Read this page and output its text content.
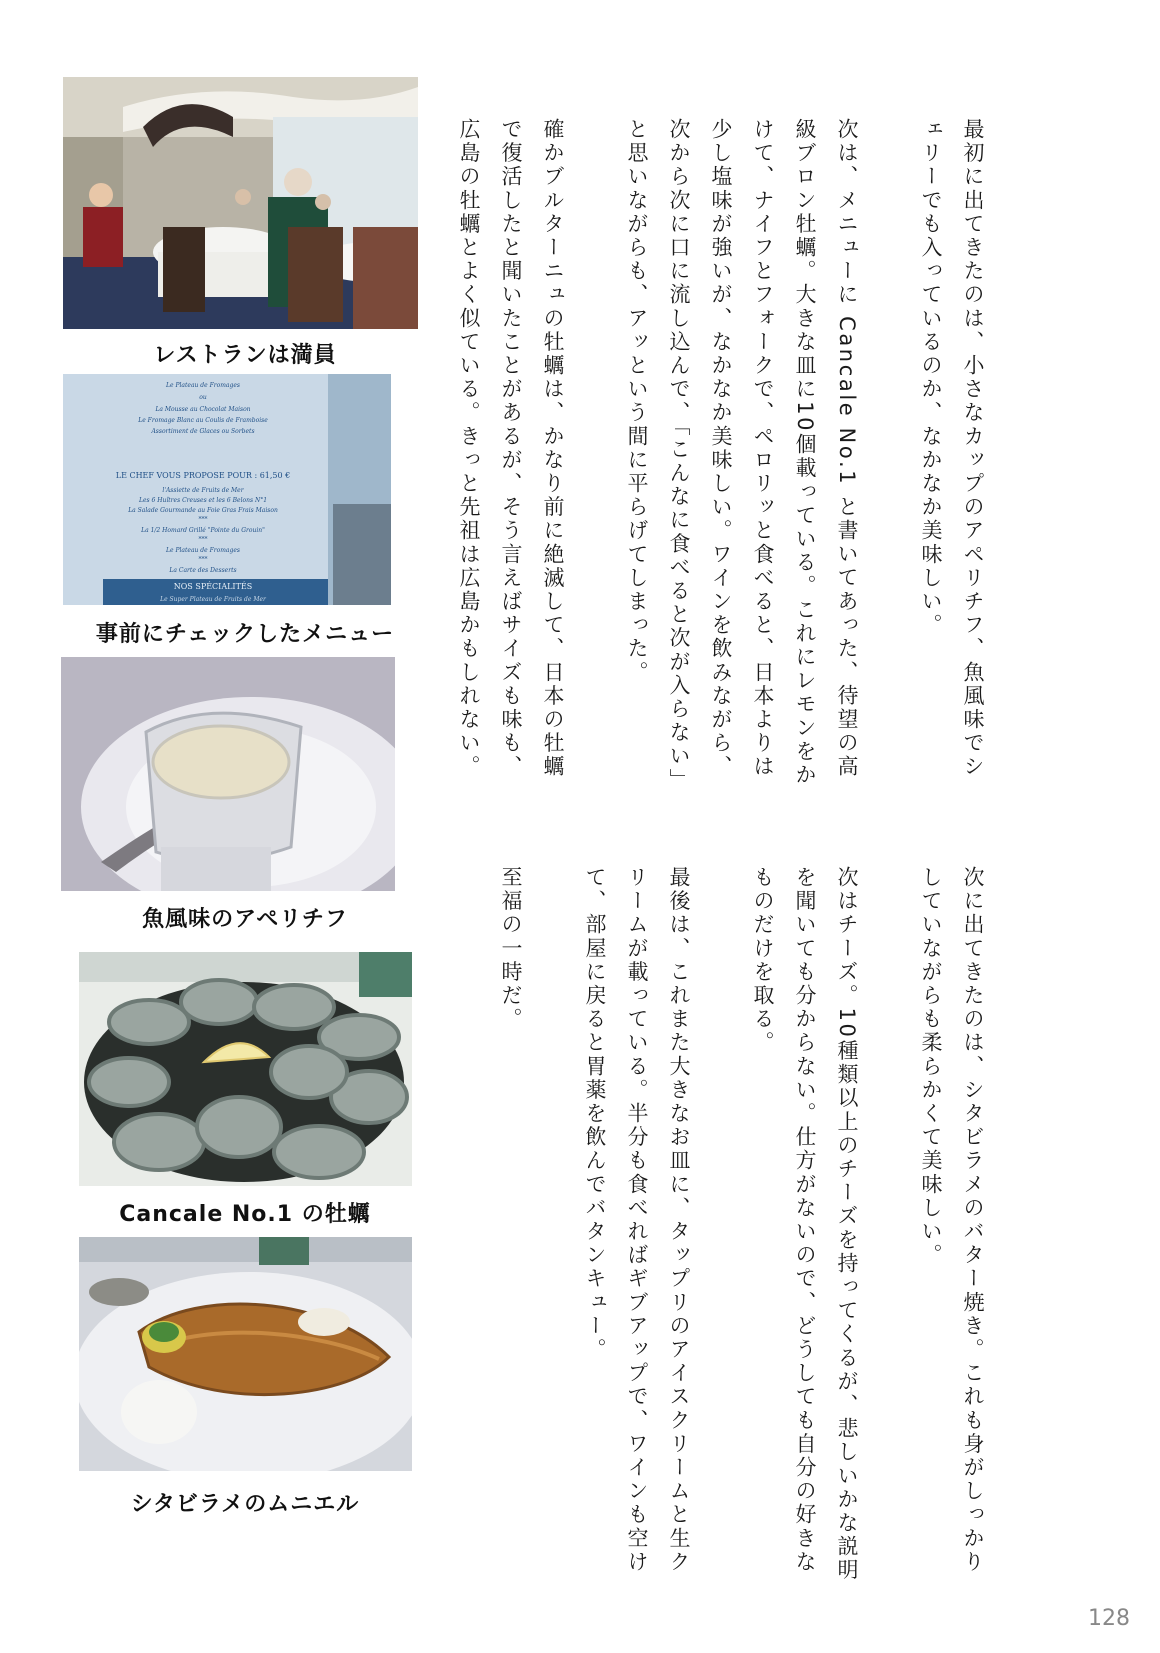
レストランは満員
Le Plateau de Fromages
ou
La Mousse au Chocolat Maison
Le Fromage Blanc au Coulis de Framboise
Assortiment de Glaces ou Sorbets
LE CHEF VOUS PROPOSE POUR : 61,50 €
l'Assiette de Fruits de Mer
Les 6 Huîtres Creuses et les 6 Belons N°1
La Salade Gourmande au Foie Gras Frais Maison
***
La 1/2 Homard Grillé "Pointe du Grouin"
***
Le Plateau de Fromages
***
La Carte des Desserts
NOS SPÉCIALITÉS
Le Super Plateau de Fruits de Mer
事前にチェックしたメニュー
魚風味のアペリチフ
Cancale No.1 の牡蠣
シタビラメのムニエル

最初に出てきたのは、小さなカップのアペリチフ、魚風味でシェリーでも入っているのか、なかなか美味しい。

次は、メニューに Cancale No.1 と書いてあった、待望の高級ブロン牡蠣。大きな皿に10個載っている。これにレモンをかけて、ナイフとフォークで、ペロリッと食べると、日本よりは少し塩味が強いが、なかなか美味しい。ワインを飲みながら、次から次に口に流し込んで、「こんなに食べると次が入らない」と思いながらも、アッという間に平らげてしまった。

確かブルターニュの牡蠣は、かなり前に絶滅して、日本の牡蠣で復活したと聞いたことがあるが、そう言えばサイズも味も、広島の牡蠣とよく似ている。きっと先祖は広島かもしれない。

次に出てきたのは、シタビラメのバター焼き。これも身がしっかりしていながらも柔らかくて美味しい。

次はチーズ。10種類以上のチーズを持ってくるが、悲しいかな説明を聞いても分からない。仕方がないので、どうしても自分の好きなものだけを取る。

最後は、これまた大きなお皿に、タップリのアイスクリームと生クリームが載っている。半分も食べればギブアップで、ワインも空けて、部屋に戻ると胃薬を飲んでバタンキュー。

至福の一時だ。

128
